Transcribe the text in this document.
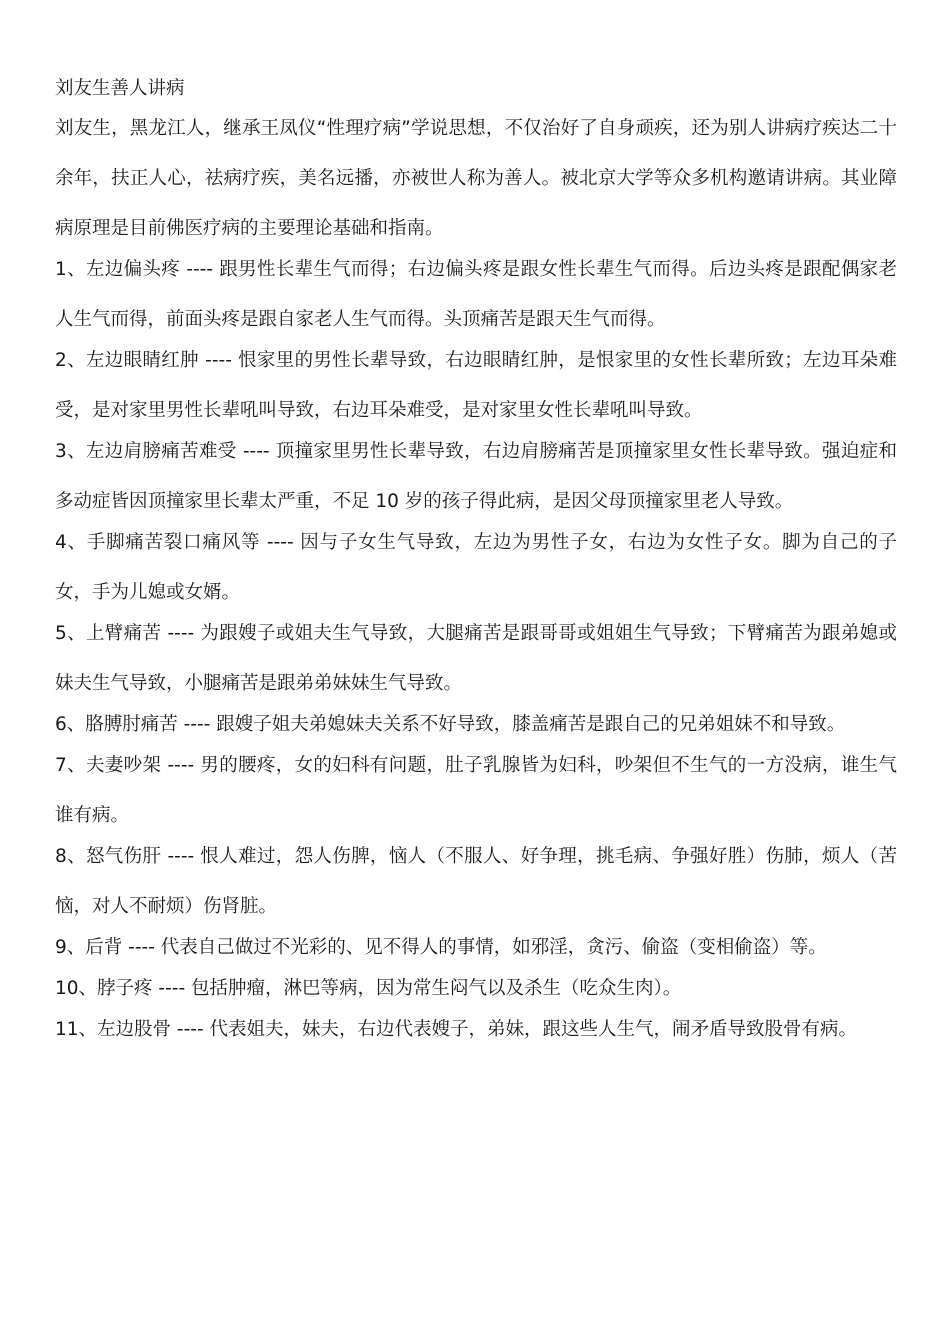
刘友生善人讲病
刘友生，黑龙江人，继承王凤仪“性理疗病”学说思想，不仅治好了自身顽疾，还为别人讲病疗疾达二十余年，扶正人心，祛病疗疾，美名远播，亦被世人称为善人。被北京大学等众多机构邀请讲病。其业障病原理是目前佛医疗病的主要理论基础和指南。
1、左边偏头疼 ---- 跟男性长辈生气而得；右边偏头疼是跟女性长辈生气而得。后边头疼是跟配偶家老人生气而得，前面头疼是跟自家老人生气而得。头顶痛苦是跟天生气而得。
2、左边眼睛红肿 ---- 恨家里的男性长辈导致，右边眼睛红肿，是恨家里的女性长辈所致；左边耳朵难受，是对家里男性长辈吼叫导致，右边耳朵难受，是对家里女性长辈吼叫导致。
3、左边肩膀痛苦难受 ---- 顶撞家里男性长辈导致，右边肩膀痛苦是顶撞家里女性长辈导致。强迫症和多动症皆因顶撞家里长辈太严重，不足 10 岁的孩子得此病，是因父母顶撞家里老人导致。
4、手脚痛苦裂口痛风等 ---- 因与子女生气导致，左边为男性子女，右边为女性子女。脚为自己的子女，手为儿媳或女婿。
5、上臂痛苦 ---- 为跟嫂子或姐夫生气导致，大腿痛苦是跟哥哥或姐姐生气导致；下臂痛苦为跟弟媳或妹夫生气导致，小腿痛苦是跟弟弟妹妹生气导致。
6、胳膊肘痛苦 ---- 跟嫂子姐夫弟媳妹夫关系不好导致，膝盖痛苦是跟自己的兄弟姐妹不和导致。
7、夫妻吵架 ---- 男的腰疼，女的妇科有问题，肚子乳腺皆为妇科，吵架但不生气的一方没病，谁生气谁有病。
8、怒气伤肝 ---- 恨人难过，怨人伤脾，恼人（不服人、好争理，挑毛病、争强好胜）伤肺，烦人（苦恼，对人不耐烦）伤肾脏。
9、后背 ---- 代表自己做过不光彩的、见不得人的事情，如邪淫，贪污、偷盗（变相偷盗）等。
10、脖子疼 ---- 包括肿瘤，淋巴等病，因为常生闷气以及杀生（吃众生肉）。
11、左边股骨 ---- 代表姐夫，妹夫，右边代表嫂子，弟妹，跟这些人生气，闹矛盾导致股骨有病。
